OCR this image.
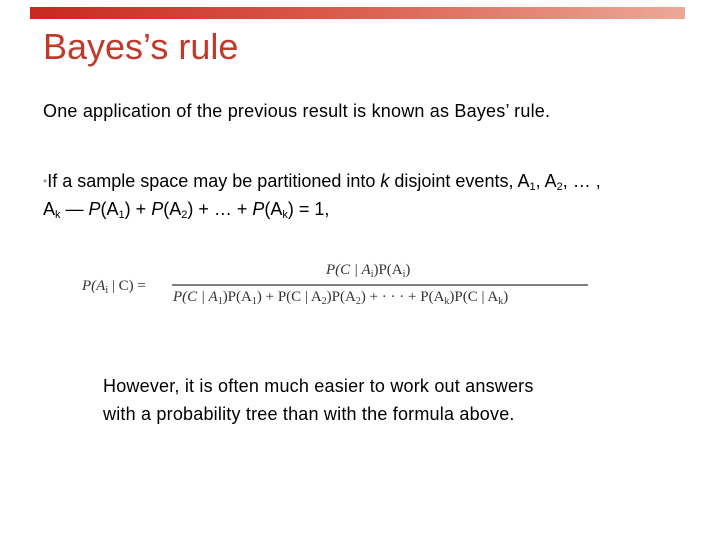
Bayes’s rule
One application of the previous result is known as Bayes’ rule.
•If a sample space may be partitioned into k disjoint events, $A_1$, $A_2$, … ,
$A_k$ — $P(A_1) + P(A_2)$ + … + $P(A_k) = 1$,
$P(A_i$ | C) =
P(C | $A_i)P(A_i)$
P(C | $A_1)P(A_1) + P(C$ | $A_2)P(A_2)$ + · · · + $P(A_k)P(C$ | $A_k$)
However, it is often much easier to work out answers
with a probability tree than with the formula above.
